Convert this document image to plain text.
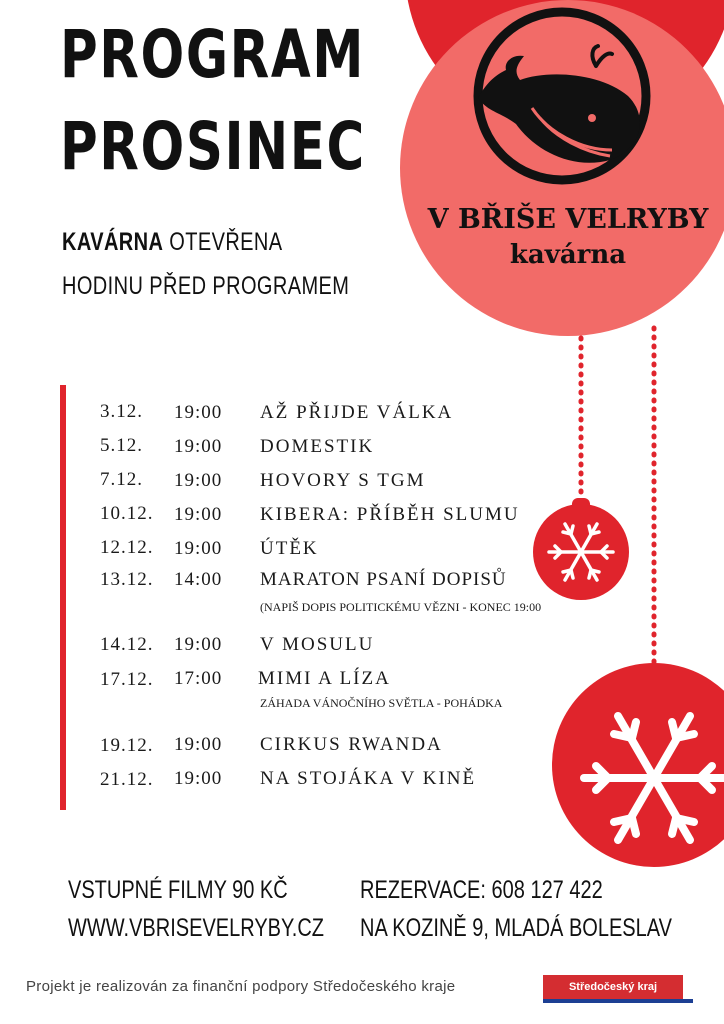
PROGRAM
PROSINEC
KAVÁRNA OTEVŘENA
HODINU PŘED PROGRAMEM
V BŘIŠE VELRYBY
kavárna
3.12. 19:00 AŽ PŘIJDE VÁLKA
5.12. 19:00 DOMESTIK
7.12. 19:00 HOVORY S TGM
10.12. 19:00 KIBERA: PŘÍBĚH SLUMU
12.12. 19:00 ÚTĚK
13.12. 14:00 MARATON PSANÍ DOPISŮ
(NAPIŠ DOPIS POLITICKÉMU VĚZNI - KONEC 19:00
14.12. 19:00 V MOSULU
17.12. 17:00 MIMI A LÍZA
ZÁHADA VÁNOČNÍHO SVĚTLA - POHÁDKA
19.12. 19:00 CIRKUS RWANDA
21.12. 19:00 NA STOJÁKA V KINĚ
VSTUPNÉ FILMY 90 KČ
WWW.VBRISEVELRYBY.CZ
REZERVACE: 608 127 422
NA KOZINĚ 9, MLADÁ BOLESLAV
Projekt je realizován za finanční podpory Středočeského kraje	Středočeský kraj
